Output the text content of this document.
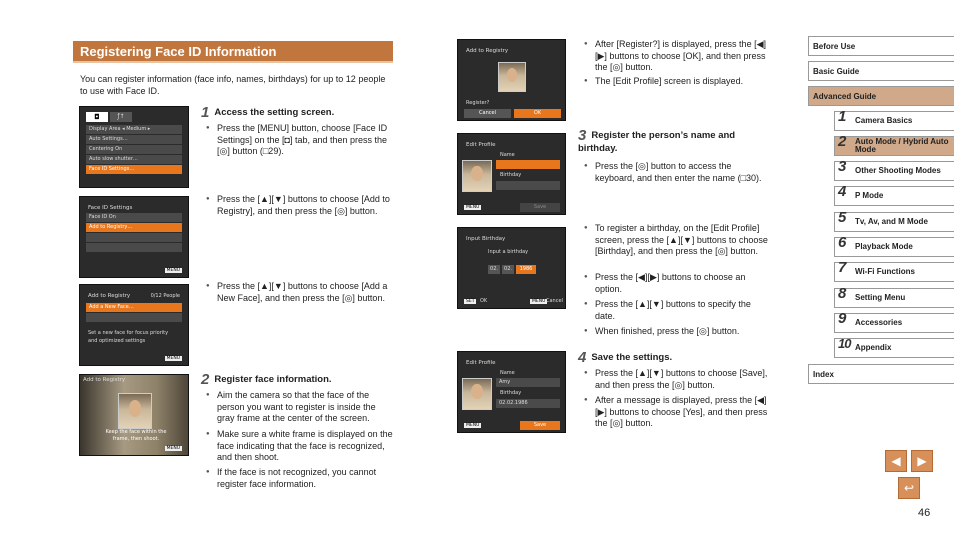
Registering Face ID Information
You can register information (face info, names, birthdays) for up to 12 people to use with Face ID.
◘	ƒ↑
Display Area ◂ Medium ▸
Auto Settings…
Centering On
Auto slow shutter…
Face ID Settings…
Face ID Settings
Face ID On
Add to Registry…
MENU
Add to Registry	0/12 People
Add a New Face…
Set a new face for focus priority and optimized settings
MENU
Add to Registry
Keep the face within the frame, then shoot.
MENU
1 Access the setting screen.
● Press the [MENU] button, choose [Face ID Settings] on the [◘] tab, and then press the [◎] button (□29).
● Press the [▲][▼] buttons to choose [Add to Registry], and then press the [◎] button.
● Press the [▲][▼] buttons to choose [Add a New Face], and then press the [◎] button.
2 Register face information.
● Aim the camera so that the face of the person you want to register is inside the gray frame at the center of the screen.
● Make sure a white frame is displayed on the face indicating that the face is recognized, and then shoot.
● If the face is not recognized, you cannot register face information.
Add to Registry
Register?
Cancel	OK
Edit Profile
Name
Birthday
Save
MENU
Input Birthday
Input a birthday
02.	02.	1986
SET	OK	MENU Cancel
Edit Profile
Name
Amy
Birthday
02.02.1986
Save
MENU
● After [Register?] is displayed, press the [◀][▶] buttons to choose [OK], and then press the [◎] button.
● The [Edit Profile] screen is displayed.
3 Register the person’s name and birthday.
● Press the [◎] button to access the keyboard, and then enter the name (□30).
● To register a birthday, on the [Edit Profile] screen, press the [▲][▼] buttons to choose [Birthday], and then press the [◎] button.
● Press the [◀][▶] buttons to choose an option.
● Press the [▲][▼] buttons to specify the date.
● When finished, press the [◎] button.
4 Save the settings.
● Press the [▲][▼] buttons to choose [Save], and then press the [◎] button.
● After a message is displayed, press the [◀][▶] buttons to choose [Yes], and then press the [◎] button.
Before Use
Basic Guide
Advanced Guide
1 Camera Basics
2 Auto Mode / Hybrid Auto Mode
3 Other Shooting Modes
4 P Mode
5 Tv, Av, and M Mode
6 Playback Mode
7 Wi-Fi Functions
8 Setting Menu
9 Accessories
10 Appendix
Index
◀	▶
↩
46
